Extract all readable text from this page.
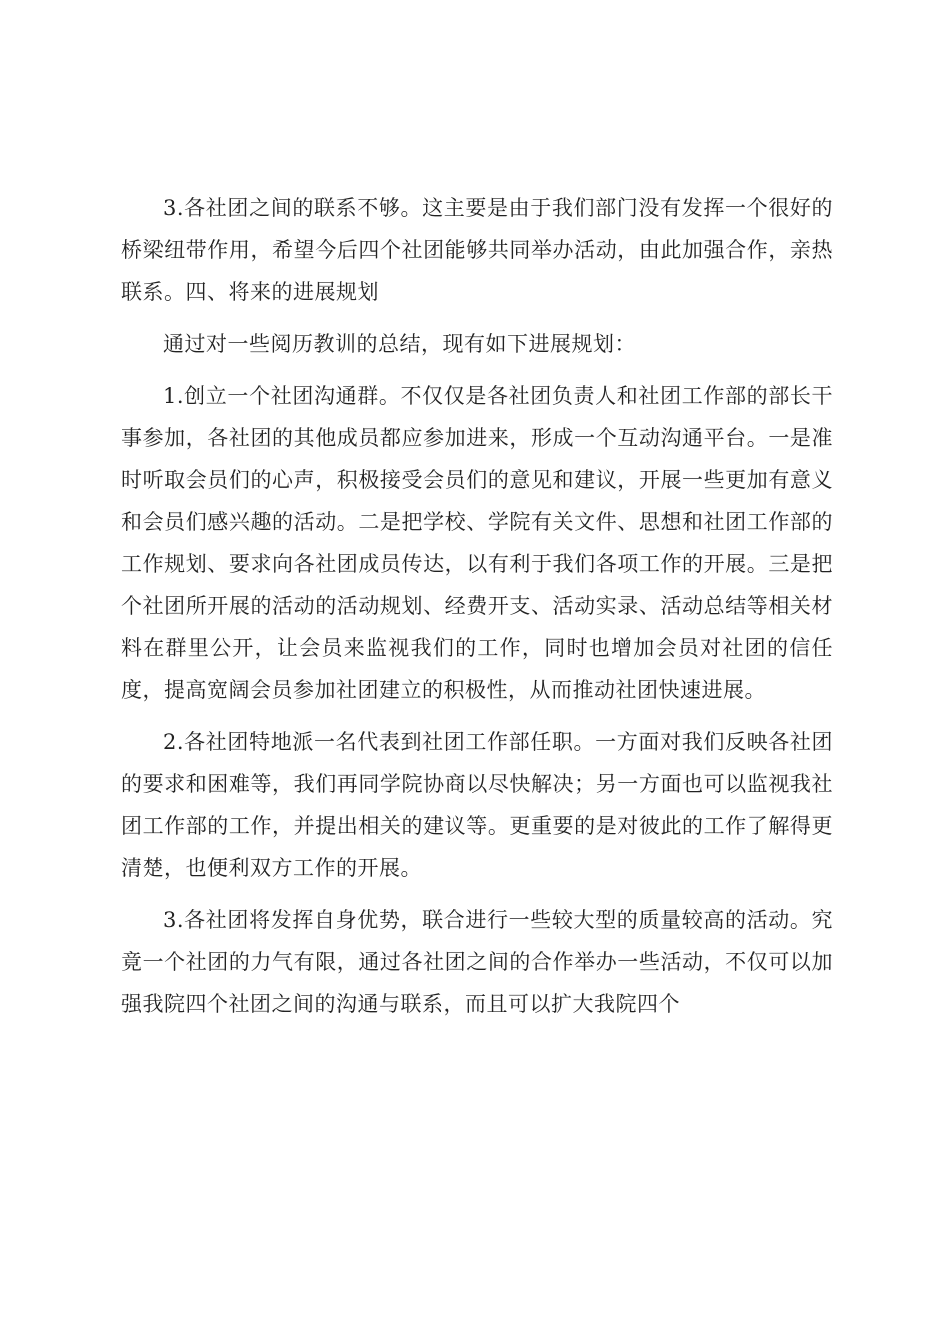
3.各社团之间的联系不够。这主要是由于我们部门没有发挥一个很好的桥梁纽带作用，希望今后四个社团能够共同举办活动，由此加强合作，亲热联系。四、将来的进展规划

通过对一些阅历教训的总结，现有如下进展规划：

1.创立一个社团沟通群。不仅仅是各社团负责人和社团工作部的部长干事参加，各社团的其他成员都应参加进来，形成一个互动沟通平台。一是准时听取会员们的心声，积极接受会员们的意见和建议，开展一些更加有意义和会员们感兴趣的活动。二是把学校、学院有关文件、思想和社团工作部的工作规划、要求向各社团成员传达，以有利于我们各项工作的开展。三是把个社团所开展的活动的活动规划、经费开支、活动实录、活动总结等相关材料在群里公开，让会员来监视我们的工作，同时也增加会员对社团的信任度，提高宽阔会员参加社团建立的积极性，从而推动社团快速进展。

2.各社团特地派一名代表到社团工作部任职。一方面对我们反映各社团的要求和困难等，我们再同学院协商以尽快解决；另一方面也可以监视我社团工作部的工作，并提出相关的建议等。更重要的是对彼此的工作了解得更清楚，也便利双方工作的开展。

3.各社团将发挥自身优势，联合进行一些较大型的质量较高的活动。究竟一个社团的力气有限，通过各社团之间的合作举办一些活动，不仅可以加强我院四个社团之间的沟通与联系，而且可以扩大我院四个
